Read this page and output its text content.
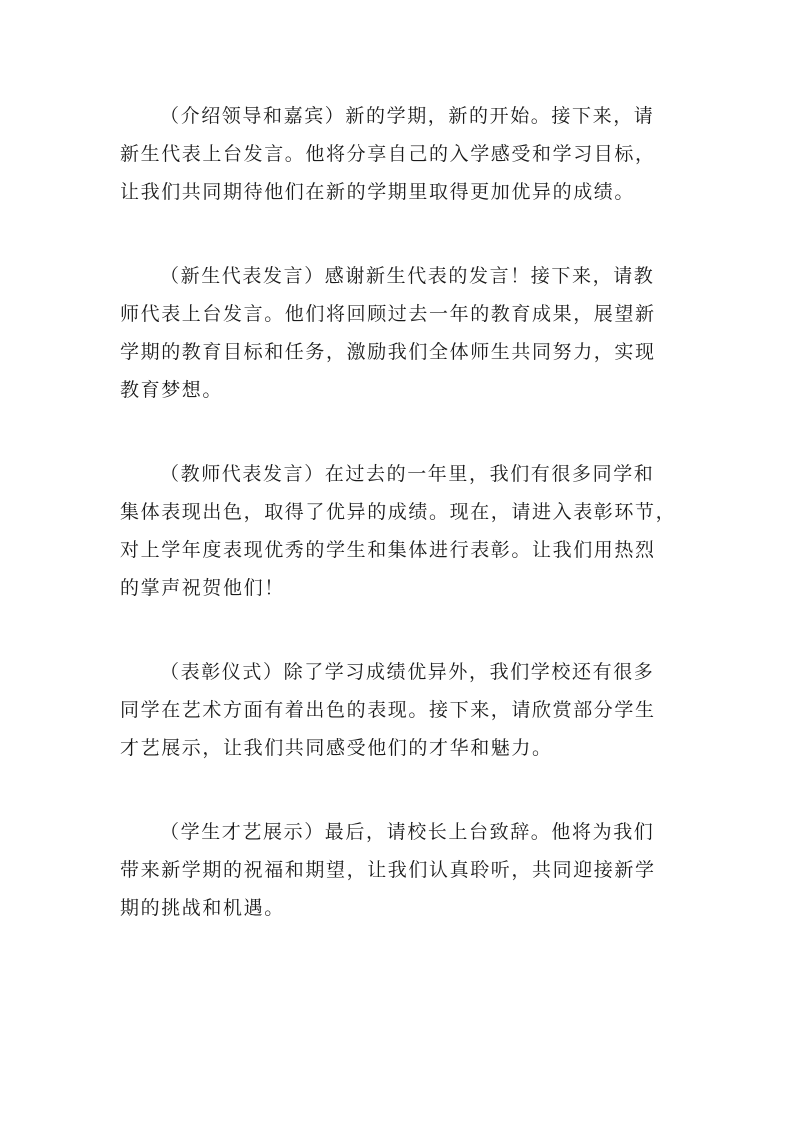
（介绍领导和嘉宾）新的学期，新的开始。接下来，请
新生代表上台发言。他将分享自己的入学感受和学习目标，
让我们共同期待他们在新的学期里取得更加优异的成绩。

（新生代表发言）感谢新生代表的发言！接下来，请教
师代表上台发言。他们将回顾过去一年的教育成果，展望新
学期的教育目标和任务，激励我们全体师生共同努力，实现
教育梦想。

（教师代表发言）在过去的一年里，我们有很多同学和
集体表现出色，取得了优异的成绩。现在，请进入表彰环节，
对上学年度表现优秀的学生和集体进行表彰。让我们用热烈
的掌声祝贺他们！

（表彰仪式）除了学习成绩优异外，我们学校还有很多
同学在艺术方面有着出色的表现。接下来，请欣赏部分学生
才艺展示，让我们共同感受他们的才华和魅力。

（学生才艺展示）最后，请校长上台致辞。他将为我们
带来新学期的祝福和期望，让我们认真聆听，共同迎接新学
期的挑战和机遇。
